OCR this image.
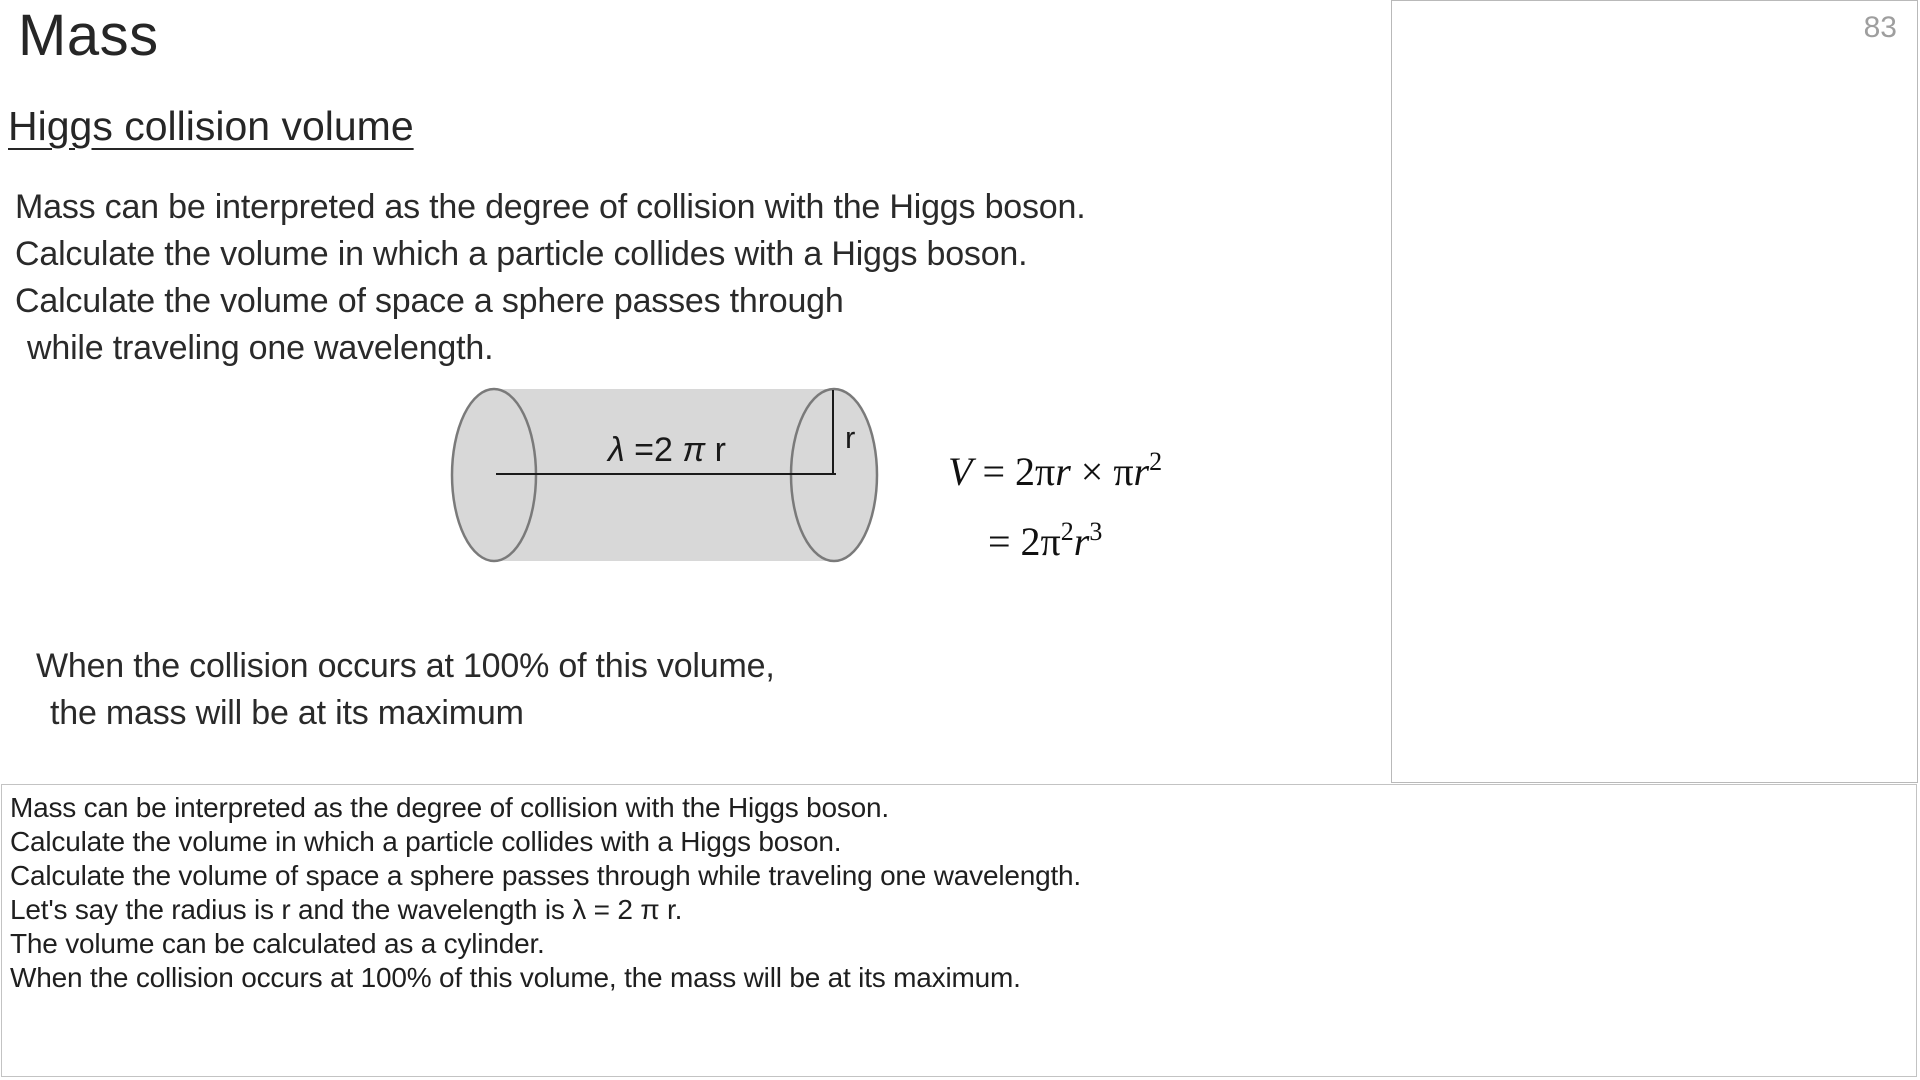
Mass
Higgs collision volume
Mass can be interpreted as the degree of collision with the Higgs boson.
Calculate the volume in which a particle collides with a Higgs boson.
Calculate the volume of space a sphere passes through
while traveling one wavelength.
λ =2 π r	r
$V = 2\pi r \times \pi r^2$
= $2\pi^2r^3$
When the collision occurs at 100% of this volume,
the mass will be at its maximum
83
Mass can be interpreted as the degree of collision with the Higgs boson.
Calculate the volume in which a particle collides with a Higgs boson.
Calculate the volume of space a sphere passes through while traveling one wavelength.
Let's say the radius is r and the wavelength is λ = 2 π r.
The volume can be calculated as a cylinder.
When the collision occurs at 100% of this volume, the mass will be at its maximum.
